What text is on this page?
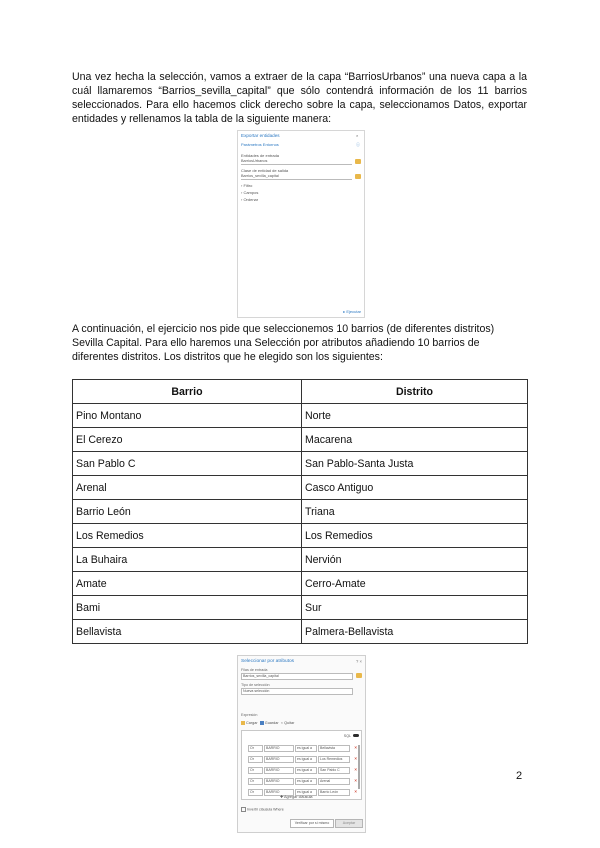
Una vez hecha la selección, vamos a extraer de la capa “BarriosUrbanos” una nueva capa a la cuál llamaremos “Barrios_sevilla_capital” que sólo contendrá información de los 11 barrios seleccionados. Para ello hacemos click derecho sobre la capa, seleccionamos Datos, exportar entidades y rellenamos la tabla de la siguiente manera:

Exportar entidades	×
Parámetros Entornos	ⓘ
Entidades de entrada
BarriosUrbanos
Clase de entidad de salida
Barrios_sevilla_capital
› Filtro
› Campos
› Ordenar
▸ Ejecutar

A continuación, el ejercicio nos pide que seleccionemos 10 barrios (de diferentes distritos) Sevilla Capital. Para ello haremos una Selección por atributos añadiendo 10 barrios de diferentes distritos. Los distritos que he elegido son los siguientes:

Barrio	Distrito
Pino Montano	Norte
El Cerezo	Macarena
San Pablo C	San Pablo-Santa Justa
Arenal	Casco Antiguo
Barrio León	Triana
Los Remedios	Los Remedios
La Buhaira	Nervión
Amate	Cerro-Amate
Bami	Sur
Bellavista	Palmera-Bellavista
Seleccionar por atributos	? ×
Filas de entrada
Barrios_sevilla_capital
Tipo de selección
Nueva selección
Expresión
Cargar Guardar × Quitar
SQL
Or	BARRIO	es igual a	Bellavista	×
Or	BARRIO	es igual a	Los Remedios	×
Or	BARRIO	es igual a	San Pablo C	×
Or	BARRIO	es igual a	Arenal	×
Or	BARRIO	es igual a	Barrio León	×
✚ Agregar cláusula
Invertir cláusula Where
Verificar por sí mismo	Aceptar
2
